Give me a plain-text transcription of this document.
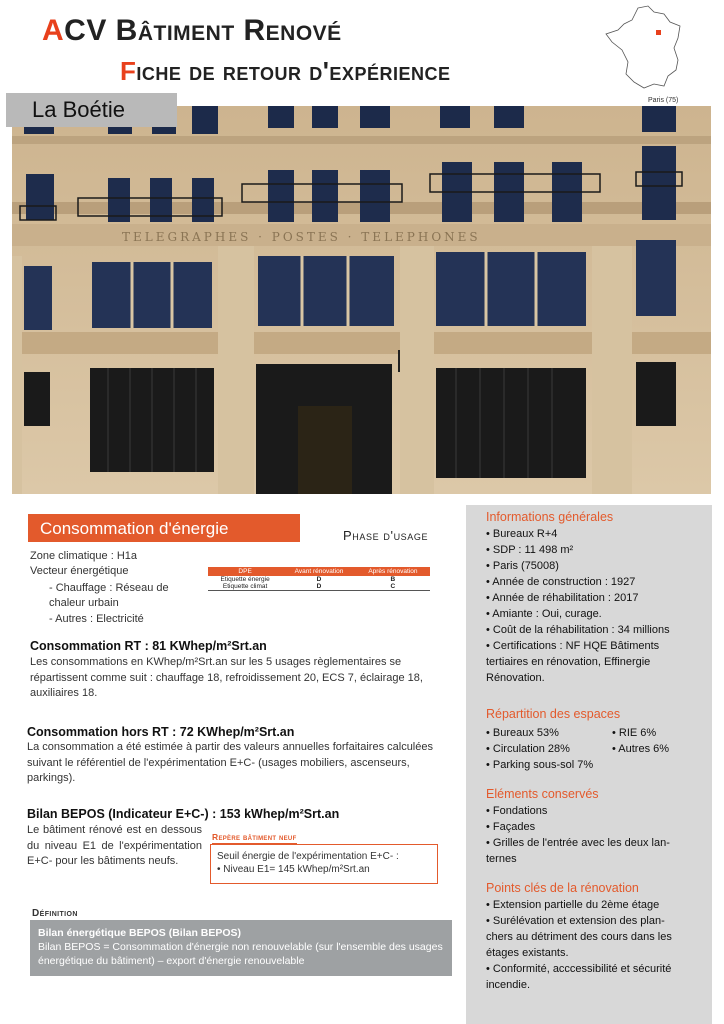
ACV Bâtiment Renové
Fiche de retour d'expérience
Paris (75)
TELEGRAPHES · POSTES · TELEPHONES
La Boétie
Consommation d'énergie	Phase d'usage
Zone climatique : H1a
Vecteur énergétique
- Chauffage : Réseau de chaleur urbain
- Autres : Electricité
DPE	Avant rénovation	Après rénovation
Etiquette énergie	D	B
Etiquette climat	D	C
Consommation RT : 81 KWhep/m²Srt.an
Les consommations en KWhep/m²Srt.an sur les 5 usages règlementaires se répartissent comme suit : chauffage 18, refroidissement 20, ECS 7, éclairage 18, auxiliaires 18.
Consommation hors RT : 72 KWhep/m²Srt.an
La consommation a été estimée à partir des valeurs annuelles forfaitaires calculées suivant le référentiel de l'expérimentation E+C- (usages mobiliers, ascenseurs, parkings).
Bilan BEPOS (Indicateur E+C-) : 153 kWhep/m²Srt.an
Le bâtiment rénové est en dessous du niveau E1 de l'expérimentation E+C- pour les bâtiments neufs.
Repère bâtiment neuf
Seuil énergie de l'expérimentation E+C- :
• Niveau E1= 145 kWhep/m²Srt.an
Définition
Bilan énergétique BEPOS (Bilan BEPOS)
Bilan BEPOS = Consommation d'énergie non renouvelable (sur l'ensemble des usages énergétique du bâtiment) – export d'énergie renouvelable
Informations générales
• Bureaux R+4
• SDP : 11 498 m²
• Paris (75008)
• Année de construction : 1927
• Année de réhabilitation : 2017
• Amiante : Oui, curage.
• Coût de la réhabilitation : 34 millions
• Certifications : NF HQE Bâtiments
tertiaires en rénovation, Effinergie
Rénovation.
Répartition des espaces
• Bureaux 53%	• RIE 6%
• Circulation 28%	• Autres 6%
• Parking sous-sol 7%
Eléments conservés
• Fondations
• Façades
• Grilles de l'entrée avec les deux lan-
ternes
Points clés de la rénovation
• Extension partielle du 2ème étage
• Surélévation et extension des plan-
chers au détriment des cours dans les
étages existants.
• Conformité, acccessibilité et sécurité
incendie.
